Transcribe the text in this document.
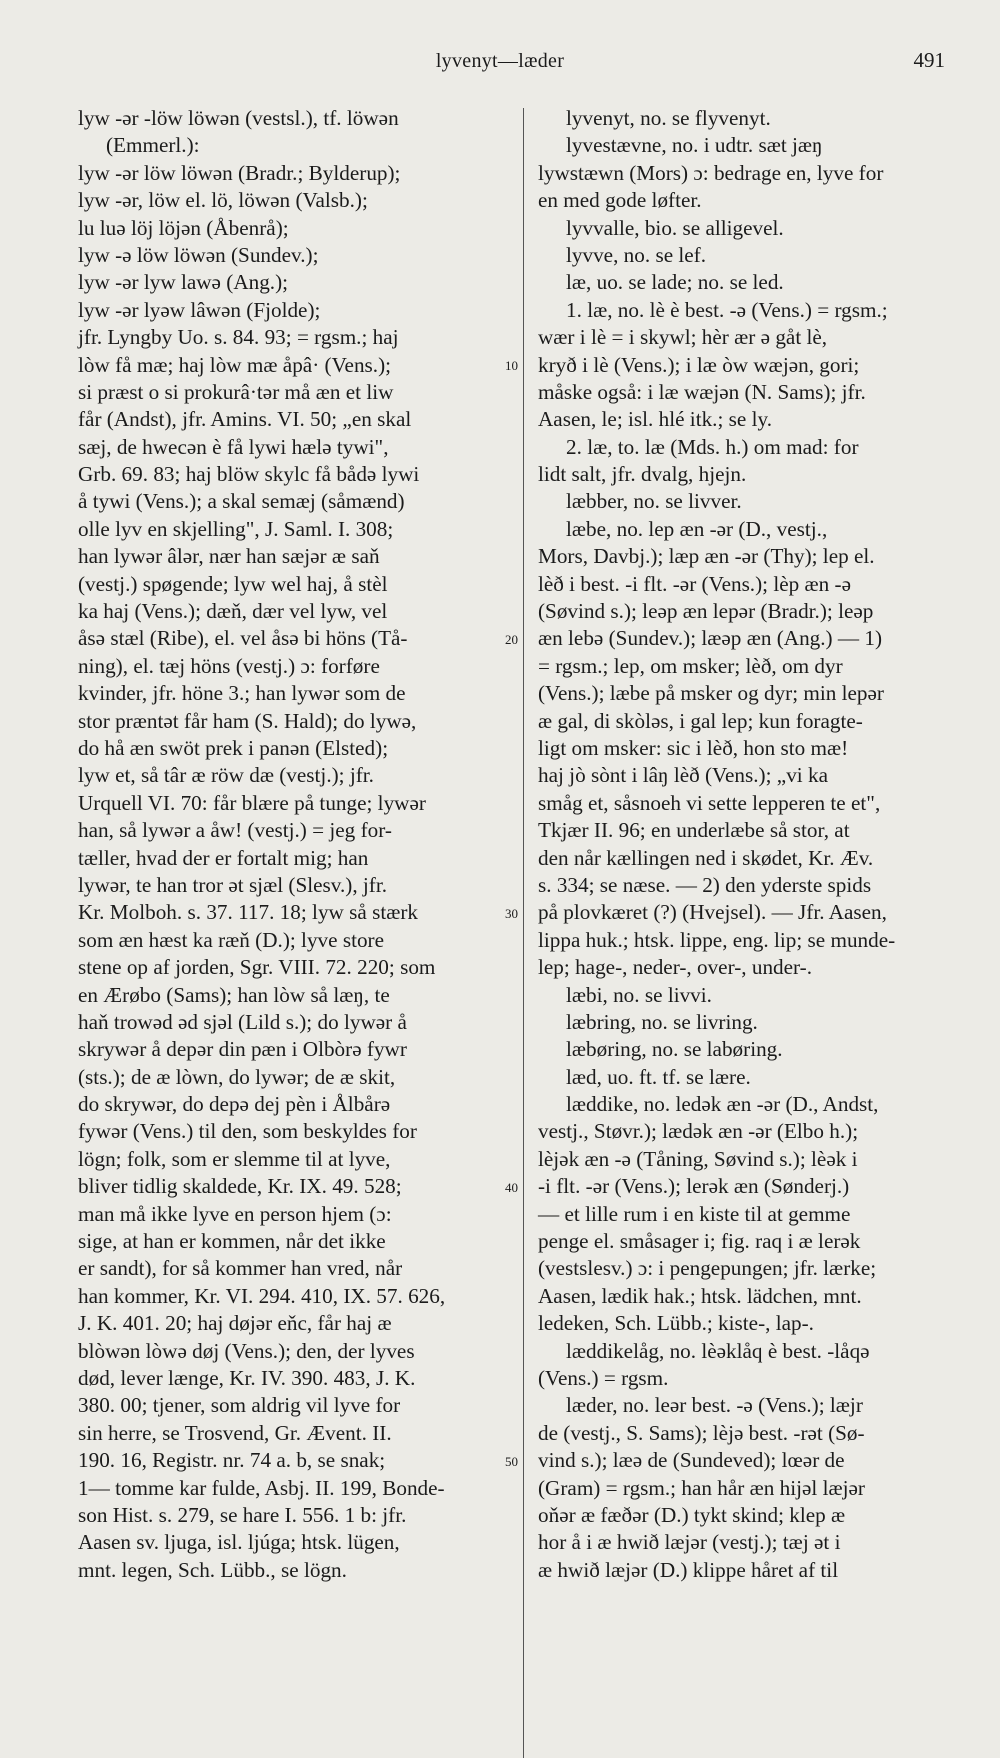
lyvenyt—læder	491
10
20
30
40
50
lyw -ər -löw löwən (vestsl.), tf. löwən
(Emmerl.):
lyw -ər löw löwən (Bradr.; Bylderup);
lyw -ər, löw el. lö, löwən (Valsb.);
lu luə löj löjən (Åbenrå);
lyw -ə löw löwən (Sundev.);
lyw -ər lyw lawə (Ang.);
lyw -ər lyəw lâwən (Fjolde);
jfr. Lyngby Uo. s. 84. 93; = rgsm.; haj
lòw få mæ; haj lòw mæ åpâ· (Vens.);
si præst o si prokurâ·tər må æn et liw
får (Andst), jfr. Amins. VI. 50; „en skal
sæj, de hwecən è få lywi hælə tywi",
Grb. 69. 83; haj blöw skylc få bådə lywi
å tywi (Vens.); a skal semæj (såmænd)
olle lyv en skjelling", J. Saml. I. 308;
han lywər âlər, nær han sæjər æ saň
(vestj.) spøgende; lyw wel haj, å stèl
ka haj (Vens.); dæň, dær vel lyw, vel
åsə stæl (Ribe), el. vel åsə bi höns (Tå-
ning), el. tæj höns (vestj.) ɔ: forføre
kvinder, jfr. höne 3.; han lywər som de
stor præntət får ham (S. Hald); do lywə,
do hå æn swöt prek i panən (Elsted);
lyw et, så târ æ röw dæ (vestj.); jfr.
Urquell VI. 70: får blære på tunge; lywər
han, så lywər a åw! (vestj.) = jeg for-
tæller, hvad der er fortalt mig; han
lywər, te han tror ət sjæl (Slesv.), jfr.
Kr. Molboh. s. 37. 117. 18; lyw så stærk
som æn hæst ka ræň (D.); lyve store
stene op af jorden, Sgr. VIII. 72. 220; som
en Ærøbo (Sams); han lòw så læŋ, te
haň trowəd əd sjəl (Lild s.); do lywər å
skrywər å depər din pæn i Olbòrə fywr
(sts.); de æ lòwn, do lywər; de æ skit,
do skrywər, do depə dej pèn i Ålbårə
fywər (Vens.) til den, som beskyldes for
lögn; folk, som er slemme til at lyve,
bliver tidlig skaldede, Kr. IX. 49. 528;
man må ikke lyve en person hjem (ɔ:
sige, at han er kommen, når det ikke
er sandt), for så kommer han vred, når
han kommer, Kr. VI. 294. 410, IX. 57. 626,
J. K. 401. 20; haj døjər eňc, får haj æ
blòwən lòwə døj (Vens.); den, der lyves
død, lever længe, Kr. IV. 390. 483, J. K.
380. 00; tjener, som aldrig vil lyve for
sin herre, se Trosvend, Gr. Ævent. II.
190. 16, Registr. nr. 74 a. b, se snak;
1— tomme kar fulde, Asbj. II. 199, Bonde-
son Hist. s. 279, se hare I. 556. 1 b: jfr.
Aasen sv. ljuga, isl. ljúga; htsk. lügen,
mnt. legen, Sch. Lübb., se lögn.
lyvenyt, no. se flyvenyt.
lyvestævne, no. i udtr. sæt jæŋ
lywstæwn (Mors) ɔ: bedrage en, lyve for
en med gode løfter.
lyvvalle, bio. se alligevel.
lyvve, no. se lef.
læ, uo. se lade; no. se led.
1. læ, no. lè è best. -ə (Vens.) = rgsm.;
wær i lè = i skywl; hèr ær ə gåt lè,
kryð i lè (Vens.); i læ òw wæjən, gori;
måske også: i læ wæjən (N. Sams); jfr.
Aasen, le; isl. hlé itk.; se ly.
2. læ, to. læ (Mds. h.) om mad: for
lidt salt, jfr. dvalg, hjejn.
læbber, no. se livver.
læbe, no. lep æn -ər (D., vestj.,
Mors, Davbj.); læp æn -ər (Thy); lep el.
lèð i best. -i flt. -ər (Vens.); lèp æn -ə
(Søvind s.); leəp æn lepər (Bradr.); leəp
æn lebə (Sundev.); læəp æn (Ang.) — 1)
= rgsm.; lep, om msker; lèð, om dyr
(Vens.); læbe på msker og dyr; min lepər
æ gal, di skòləs, i gal lep; kun foragte-
ligt om msker: sic i lèð, hon sto mæ!
haj jò sònt i lâŋ lèð (Vens.); „vi ka
småg et, såsnoeh vi sette lepperen te et",
Tkjær II. 96; en underlæbe så stor, at
den når kællingen ned i skødet, Kr. Æv.
s. 334; se næse. — 2) den yderste spids
på plovkæret (?) (Hvejsel). — Jfr. Aasen,
lippa huk.; htsk. lippe, eng. lip; se munde-
lep; hage-, neder-, over-, under-.
læbi, no. se livvi.
læbring, no. se livring.
læbøring, no. se labøring.
læd, uo. ft. tf. se lære.
læddike, no. ledək æn -ər (D., Andst,
vestj., Støvr.); lædək æn -ər (Elbo h.);
lèjək æn -ə (Tåning, Søvind s.); lèək i
-i flt. -ər (Vens.); lerək æn (Sønderj.)
— et lille rum i en kiste til at gemme
penge el. småsager i; fig. raq i æ lerək
(vestslesv.) ɔ: i pengepungen; jfr. lærke;
Aasen, lædik hak.; htsk. lädchen, mnt.
ledeken, Sch. Lübb.; kiste-, lap-.
læddikelåg, no. lèəklåq è best. -låqə
(Vens.) = rgsm.
læder, no. leər best. -ə (Vens.); læjr
de (vestj., S. Sams); lèjə best. -rət (Sø-
vind s.); læə de (Sundeved); lœər de
(Gram) = rgsm.; han hår æn hijəl læjər
oňər æ fæðər (D.) tykt skind; klep æ
hor å i æ hwið læjər (vestj.); tæj ət i
æ hwið læjər (D.) klippe håret af til
